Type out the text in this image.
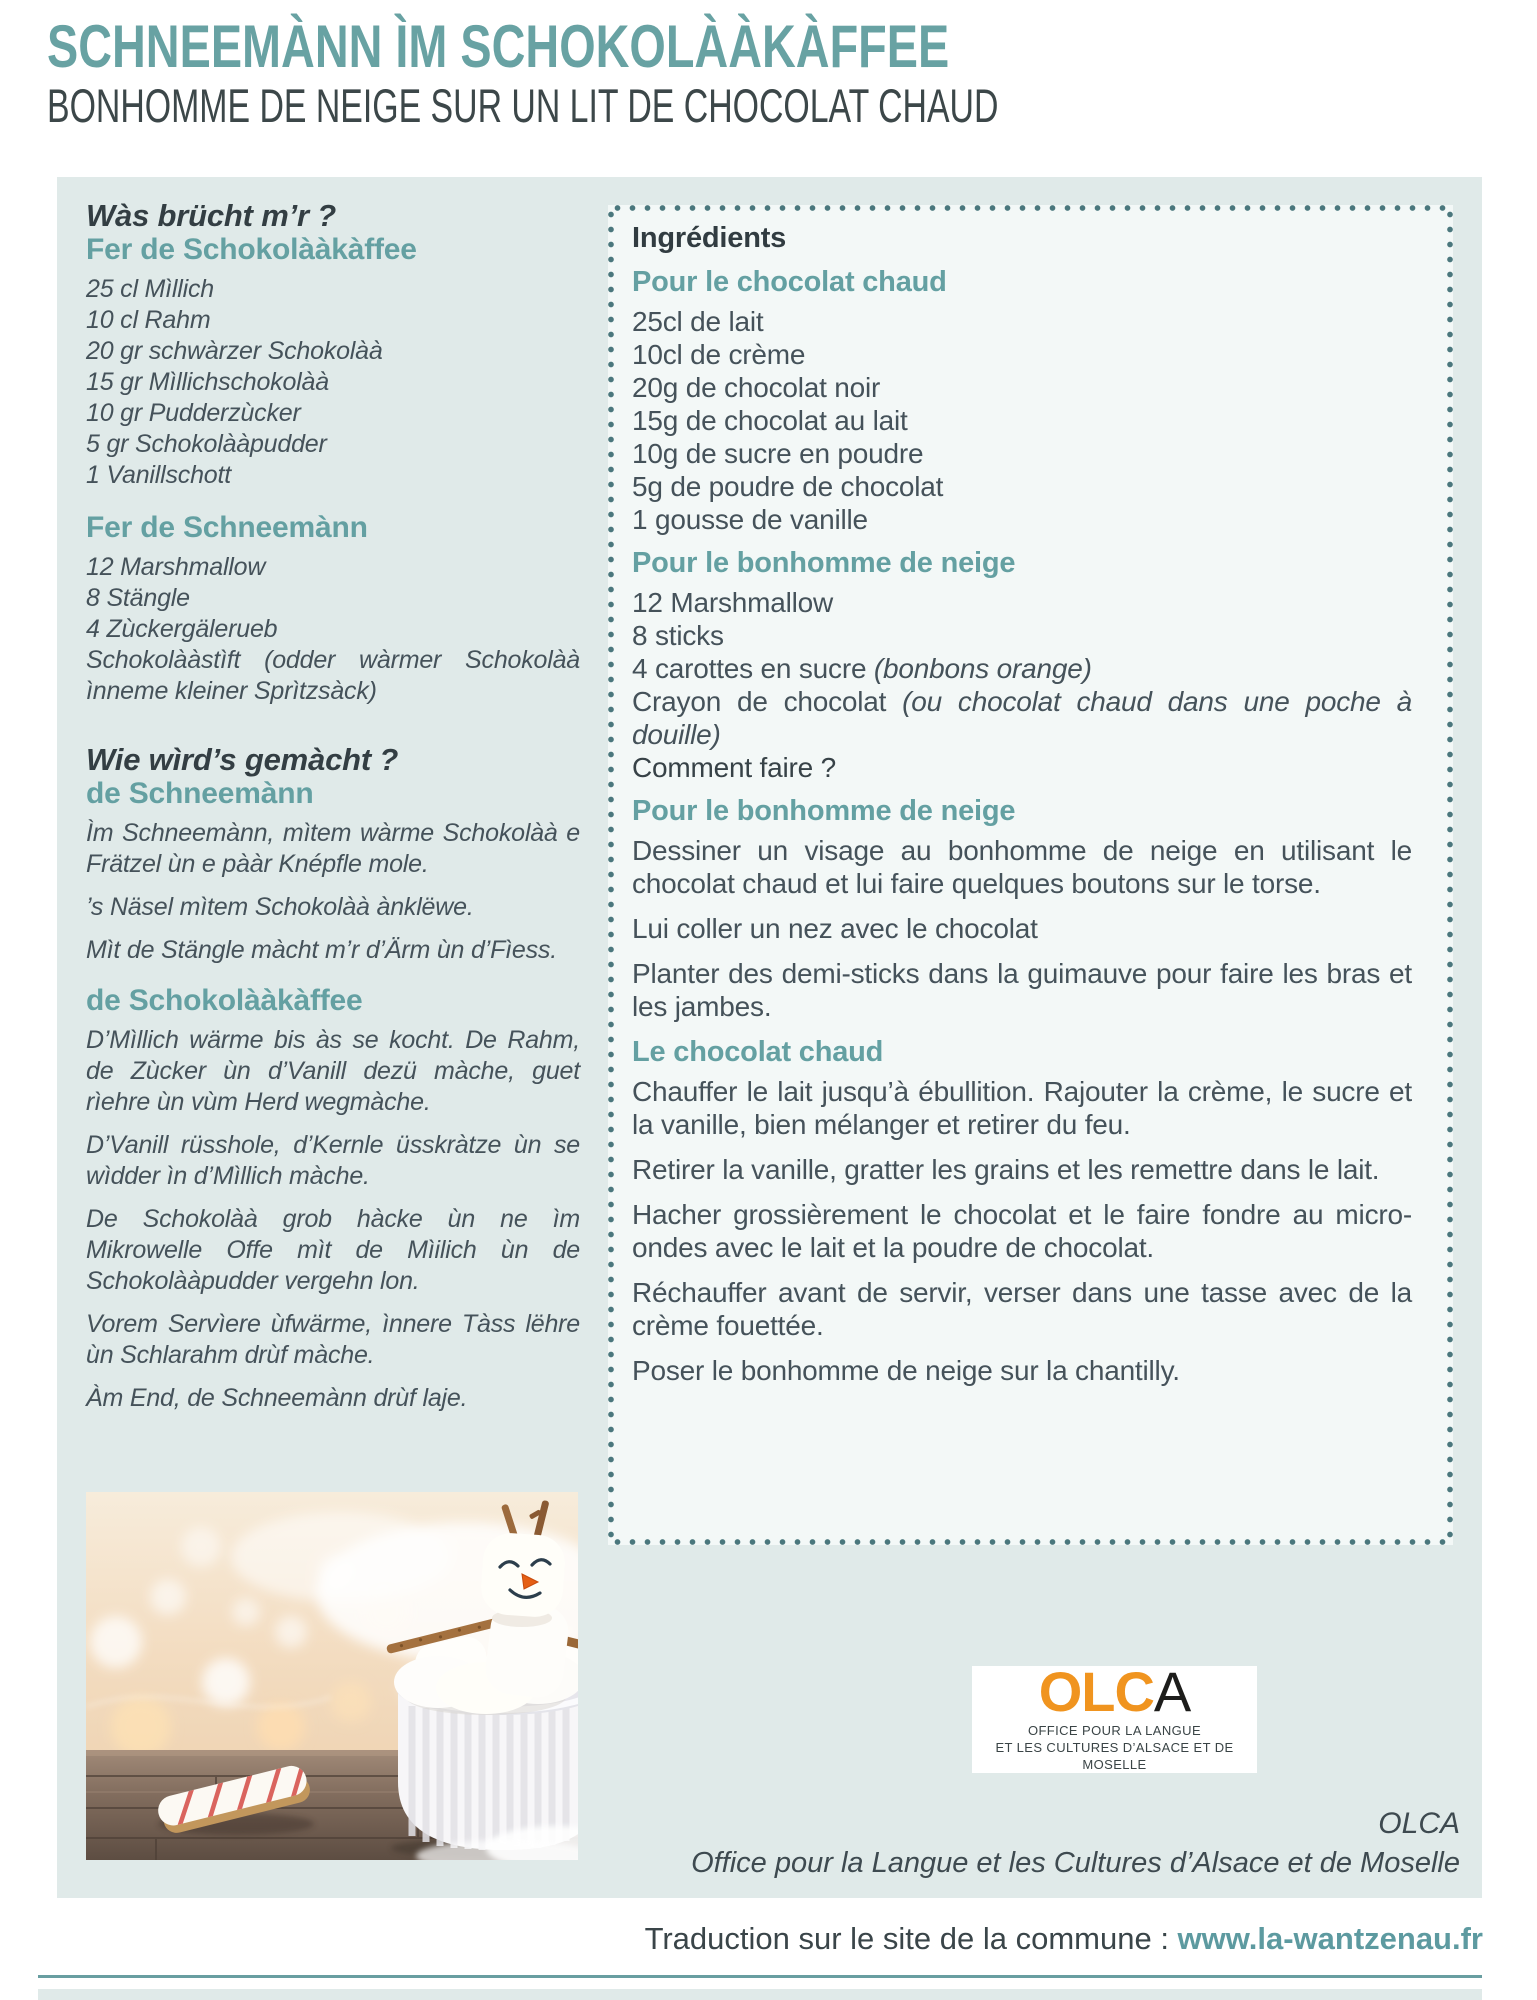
SCHNEEMÀNN ÌM SCHOKOLÀÀKÀFFEE
BONHOMME DE NEIGE SUR UN LIT DE CHOCOLAT CHAUD

Wàs brücht m’r ?

Fer de Schokolààkàffee

25 cl Mìllich

10 cl Rahm

20 gr schwàrzer Schokolàà

15 gr Mìllichschokolàà

10 gr Pudderzùcker

5 gr Schokolààpudder

1 Vanillschott

Fer de Schneemànn

12 Marshmallow

8 Stängle

4 Zùckergälerueb

Schokolààstìft (odder wàrmer Schokolàà ìnneme kleiner Sprìtzsàck)

Wie wìrd’s gemàcht ?

de Schneemànn

Ìm Schneemànn, mìtem wàrme Schokolàà e Frätzel ùn e pààr Knépfle mole.

’s Näsel mìtem Schokolàà ànklëwe.

Mìt de Stängle màcht m’r d’Ärm ùn d’Fìess.

de Schokolààkàffee

D’Mìllich wärme bis às se kocht. De Rahm, de Zùcker ùn d’Vanill dezü màche, guet rìehre ùn vùm Herd wegmàche.

D’Vanill rüsshole, d’Kernle üsskràtze ùn se wìdder ìn d’Mìllich màche.

De Schokolàà grob hàcke ùn ne ìm Mikrowelle Offe mìt de Mìilich ùn de Schokolààpudder vergehn lon.

Vorem Servìere ùfwärme, ìnnere Tàss lëhre ùn Schlarahm drùf màche.

Àm End, de Schneemànn drùf laje.

Ingrédients

Pour le chocolat chaud

25cl de lait

10cl de crème

20g de chocolat noir

15g de chocolat au lait

10g de sucre en poudre

5g de poudre de chocolat

1 gousse de vanille

Pour le bonhomme de neige

12 Marshmallow

8 sticks

4 carottes en sucre (bonbons orange)

Crayon de chocolat (ou chocolat chaud dans une poche à douille)

Comment faire ?

Pour le bonhomme de neige

Dessiner un visage au bonhomme de neige en utilisant le chocolat chaud et lui faire quelques boutons sur le torse.

Lui coller un nez avec le chocolat

Planter des demi-sticks dans la guimauve pour faire les bras et les jambes.

Le chocolat chaud

Chauffer le lait jusqu’à ébullition. Rajouter la crème, le sucre et la vanille, bien mélanger et retirer du feu.

Retirer la vanille, gratter les grains et les remettre dans le lait.

Hacher grossièrement le chocolat et le faire fondre au micro-ondes avec le lait et la poudre de chocolat.

Réchauffer avant de servir, verser dans une tasse avec de la crème fouettée.

Poser le bonhomme de neige sur la chantilly.

OLCA
OFFICE POUR LA LANGUE
ET LES CULTURES D’ALSACE ET DE MOSELLE
OLCA
Office pour la Langue et les Cultures d’Alsace et de Moselle
Traduction sur le site de la commune : www.la-wantzenau.fr
